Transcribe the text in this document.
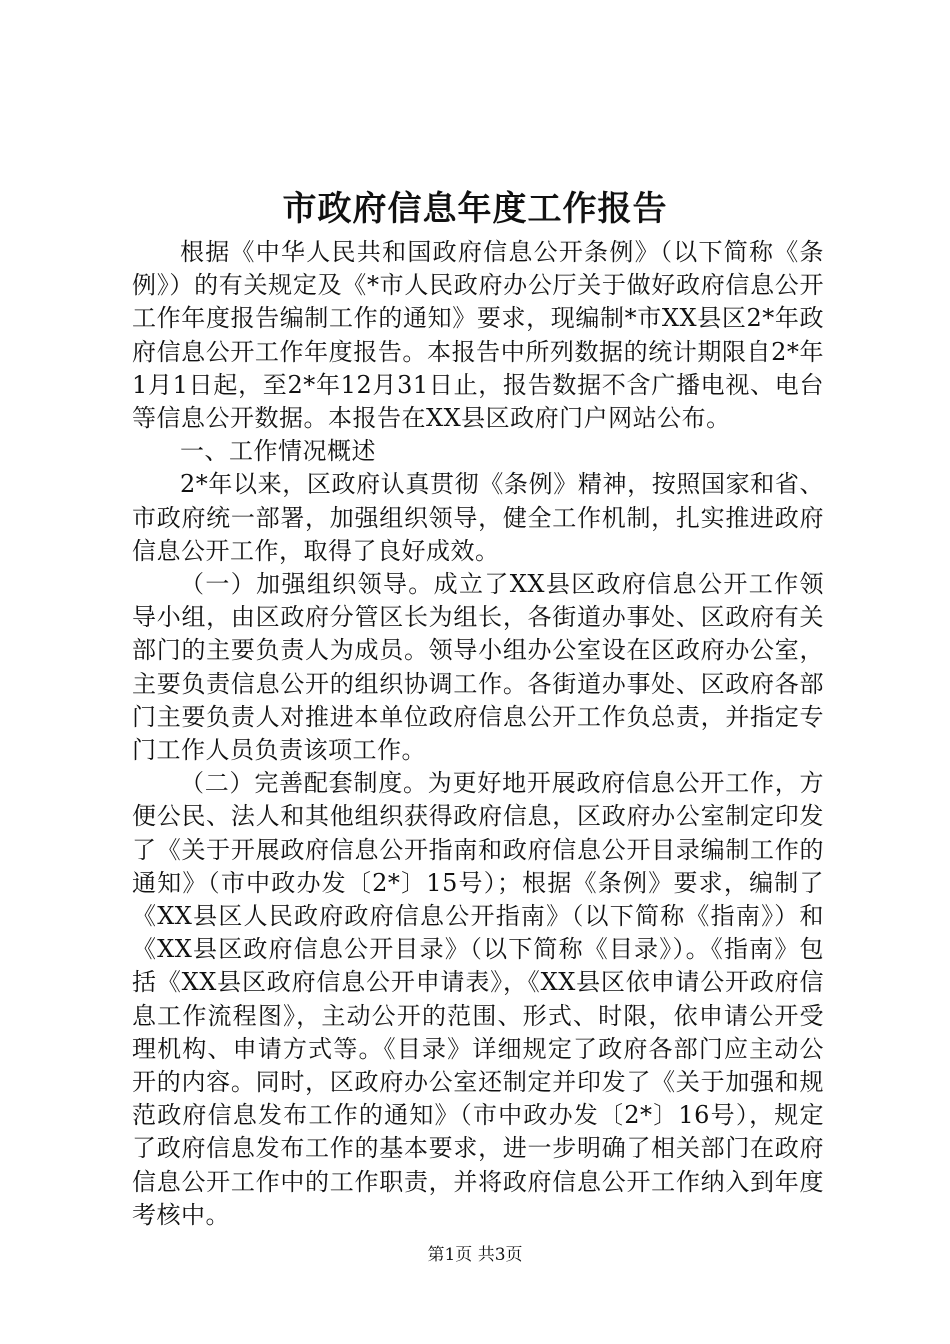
市政府信息年度工作报告

根据《中华人民共和国政府信息公开条例》（以下简称《条例》）的有关规定及《*市人民政府办公厅关于做好政府信息公开工作年度报告编制工作的通知》要求，现编制*市XX县区2*年政府信息公开工作年度报告。本报告中所列数据的统计期限自2*年1月1日起，至2*年12月31日止，报告数据不含广播电视、电台等信息公开数据。本报告在XX县区政府门户网站公布。

一、工作情况概述

2*年以来，区政府认真贯彻《条例》精神，按照国家和省、市政府统一部署，加强组织领导，健全工作机制，扎实推进政府信息公开工作，取得了良好成效。

（一）加强组织领导。成立了XX县区政府信息公开工作领导小组，由区政府分管区长为组长，各街道办事处、区政府有关部门的主要负责人为成员。领导小组办公室设在区政府办公室，主要负责信息公开的组织协调工作。各街道办事处、区政府各部门主要负责人对推进本单位政府信息公开工作负总责，并指定专门工作人员负责该项工作。

（二）完善配套制度。为更好地开展政府信息公开工作，方便公民、法人和其他组织获得政府信息，区政府办公室制定印发了《关于开展政府信息公开指南和政府信息公开目录编制工作的通知》（市中政办发〔2*〕15号）；根据《条例》要求，编制了《XX县区人民政府政府信息公开指南》（以下简称《指南》）和《XX县区政府信息公开目录》（以下简称《目录》）。《指南》包括《XX县区政府信息公开申请表》，《XX县区依申请公开政府信息工作流程图》，主动公开的范围、形式、时限，依申请公开受理机构、申请方式等。《目录》详细规定了政府各部门应主动公开的内容。同时，区政府办公室还制定并印发了《关于加强和规范政府信息发布工作的通知》（市中政办发〔2*〕16号），规定了政府信息发布工作的基本要求，进一步明确了相关部门在政府信息公开工作中的工作职责，并将政府信息公开工作纳入到年度考核中。

第1页 共3页
